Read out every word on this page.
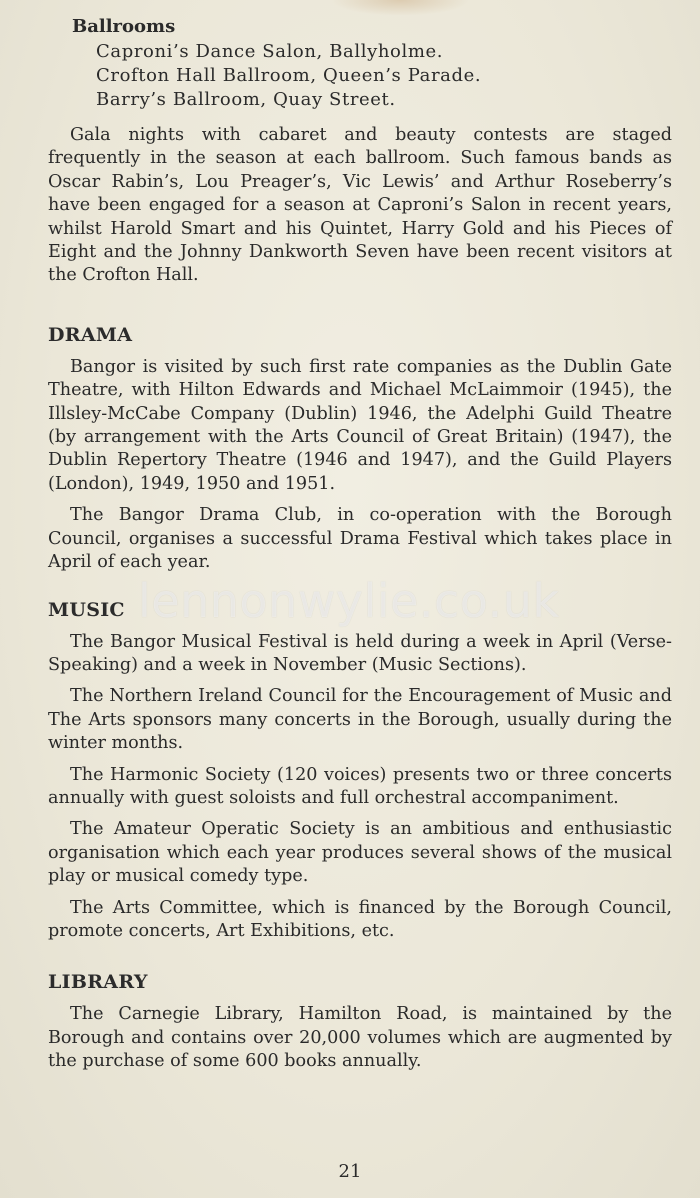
Ballrooms
Caproni’s Dance Salon, Ballyholme.
Crofton Hall Ballroom, Queen’s Parade.
Barry’s Ballroom, Quay Street.

Gala nights with cabaret and beauty contests are staged frequently in the season at each ballroom. Such famous bands as Oscar Rabin’s, Lou Preager’s, Vic Lewis’ and Arthur Roseberry’s have been engaged for a season at Caproni’s Salon in recent years, whilst Harold Smart and his Quintet, Harry Gold and his Pieces of Eight and the Johnny Dankworth Seven have been recent visitors at the Crofton Hall.

DRAMA

Bangor is visited by such first rate companies as the Dublin Gate Theatre, with Hilton Edwards and Michael McLaimmoir (1945), the Illsley-McCabe Company (Dublin) 1946, the Adelphi Guild Theatre (by arrangement with the Arts Council of Great Britain) (1947), the Dublin Repertory Theatre (1946 and 1947), and the Guild Players (London), 1949, 1950 and 1951.

The Bangor Drama Club, in co-operation with the Borough Council, organises a successful Drama Festival which takes place in April of each year.

MUSIC

The Bangor Musical Festival is held during a week in April (Verse-Speaking) and a week in November (Music Sections).

The Northern Ireland Council for the Encouragement of Music and The Arts sponsors many concerts in the Borough, usually during the winter months.

The Harmonic Society (120 voices) presents two or three concerts annually with guest soloists and full orchestral accompaniment.

The Amateur Operatic Society is an ambitious and enthusiastic organisation which each year produces several shows of the musical play or musical comedy type.

The Arts Committee, which is financed by the Borough Council, promote concerts, Art Exhibitions, etc.

LIBRARY

The Carnegie Library, Hamilton Road, is maintained by the Borough and contains over 20,000 volumes which are augmented by the purchase of some 600 books annually.

lennonwylie.co.uk
21
